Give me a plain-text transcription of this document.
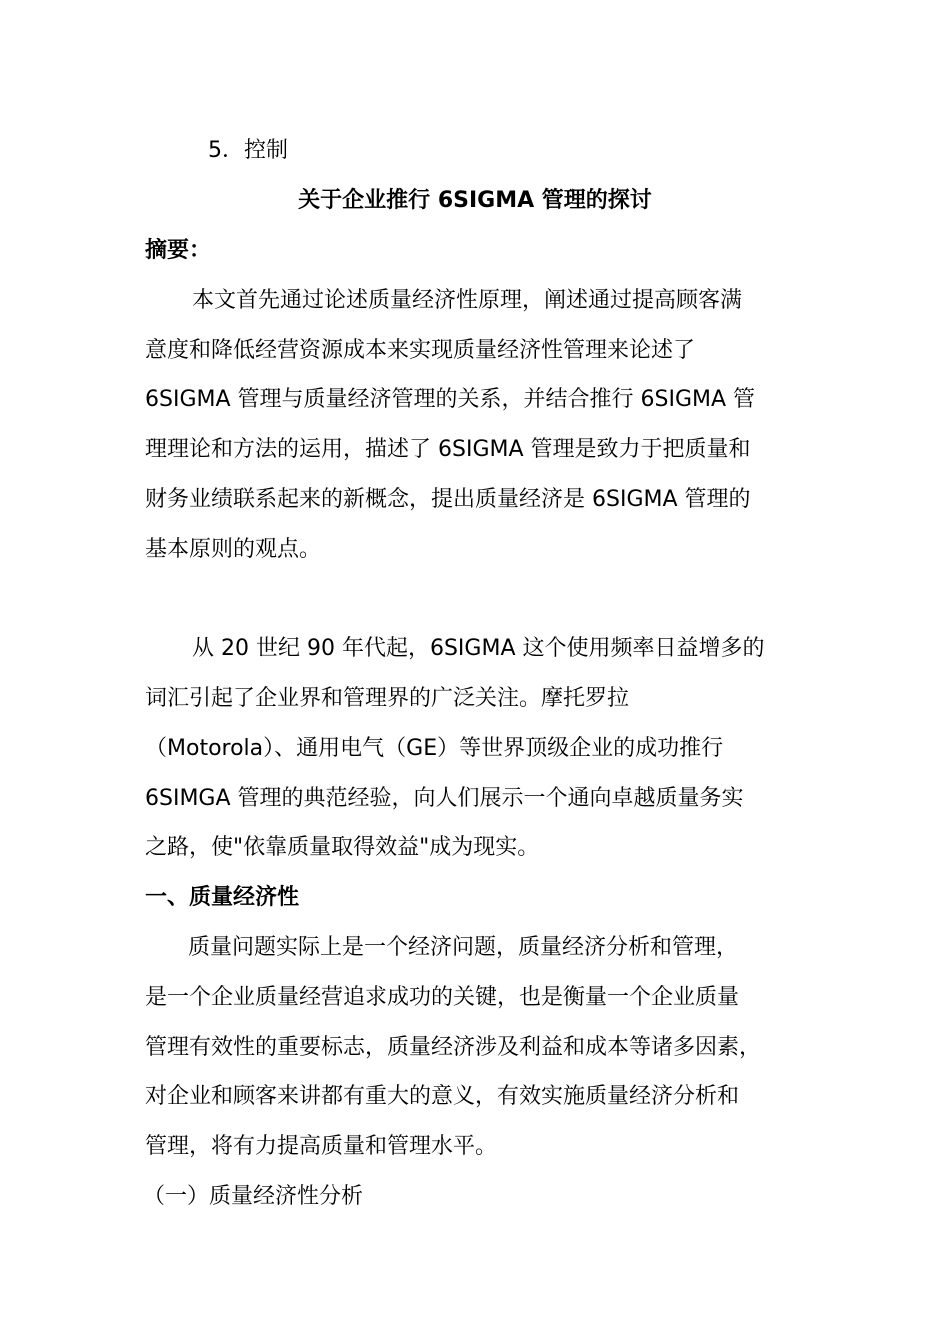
5．控制
关于企业推行 6SIGMA 管理的探讨
摘要：
本文首先通过论述质量经济性原理，阐述通过提高顾客满
意度和降低经营资源成本来实现质量经济性管理来论述了
6SIGMA 管理与质量经济管理的关系，并结合推行 6SIGMA 管
理理论和方法的运用，描述了 6SIGMA 管理是致力于把质量和
财务业绩联系起来的新概念，提出质量经济是 6SIGMA 管理的
基本原则的观点。
从 20 世纪 90 年代起，6SIGMA 这个使用频率日益增多的
词汇引起了企业界和管理界的广泛关注。摩托罗拉
（Motorola）、通用电气（GE）等世界顶级企业的成功推行
6SIMGA 管理的典范经验，向人们展示一个通向卓越质量务实
之路，使"依靠质量取得效益"成为现实。
一、质量经济性
质量问题实际上是一个经济问题，质量经济分析和管理，
是一个企业质量经营追求成功的关键，也是衡量一个企业质量
管理有效性的重要标志，质量经济涉及利益和成本等诸多因素，
对企业和顾客来讲都有重大的意义，有效实施质量经济分析和
管理，将有力提高质量和管理水平。
（一）质量经济性分析
